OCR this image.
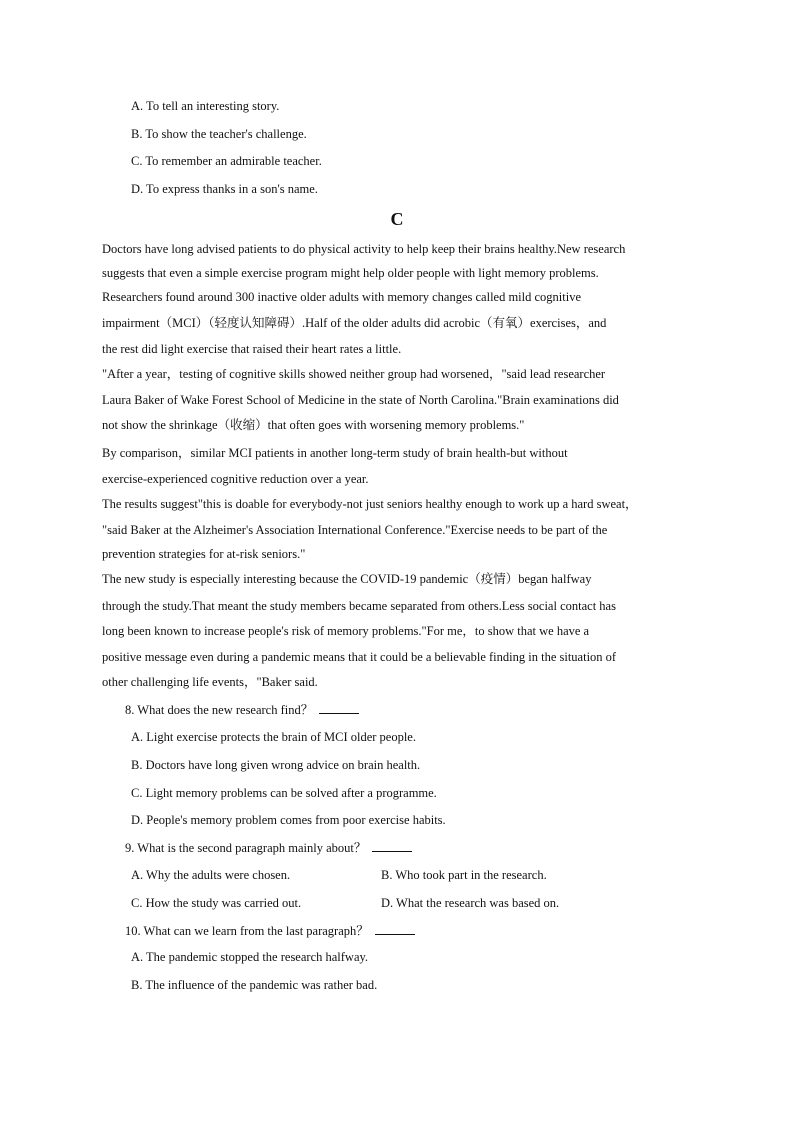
A. To tell an interesting story.
B. To show the teacher's challenge.
C. To remember an admirable teacher.
D. To express thanks in a son's name.
C
Doctors have long advised patients to do physical activity to help keep their brains healthy.New research
suggests that even a simple exercise program might help older people with light memory problems.
Researchers found around 300 inactive older adults with memory changes called mild cognitive
impairment（MCI）（轻度认知障碍）.Half of the older adults did acrobic（有氧）exercises，and
the rest did light exercise that raised their heart rates a little.
"After a year，testing of cognitive skills showed neither group had worsened，"said lead researcher
Laura Baker of Wake Forest School of Medicine in the state of North Carolina."Brain examinations did
not show the shrinkage（收缩）that often goes with worsening memory problems."
By comparison，similar MCI patients in another long-term study of brain health-but without
exercise-experienced cognitive reduction over a year.
The results suggest"this is doable for everybody-not just seniors healthy enough to work up a hard sweat，
"said Baker at the Alzheimer's Association International Conference."Exercise needs to be part of the
prevention strategies for at-risk seniors."
The new study is especially interesting because the COVID-19 pandemic（疫情）began halfway
through the study.That meant the study members became separated from others.Less social contact has
long been known to increase people's risk of memory problems."For me，to show that we have a
positive message even during a pandemic means that it could be a believable finding in the situation of
other challenging life events，"Baker said.
8. What does the new research find？
A. Light exercise protects the brain of MCI older people.
B. Doctors have long given wrong advice on brain health.
C. Light memory problems can be solved after a programme.
D. People's memory problem comes from poor exercise habits.
9. What is the second paragraph mainly about？
A. Why the adults were chosen.	B. Who took part in the research.
C. How the study was carried out.	D. What the research was based on.
10. What can we learn from the last paragraph？
A. The pandemic stopped the research halfway.
B. The influence of the pandemic was rather bad.
